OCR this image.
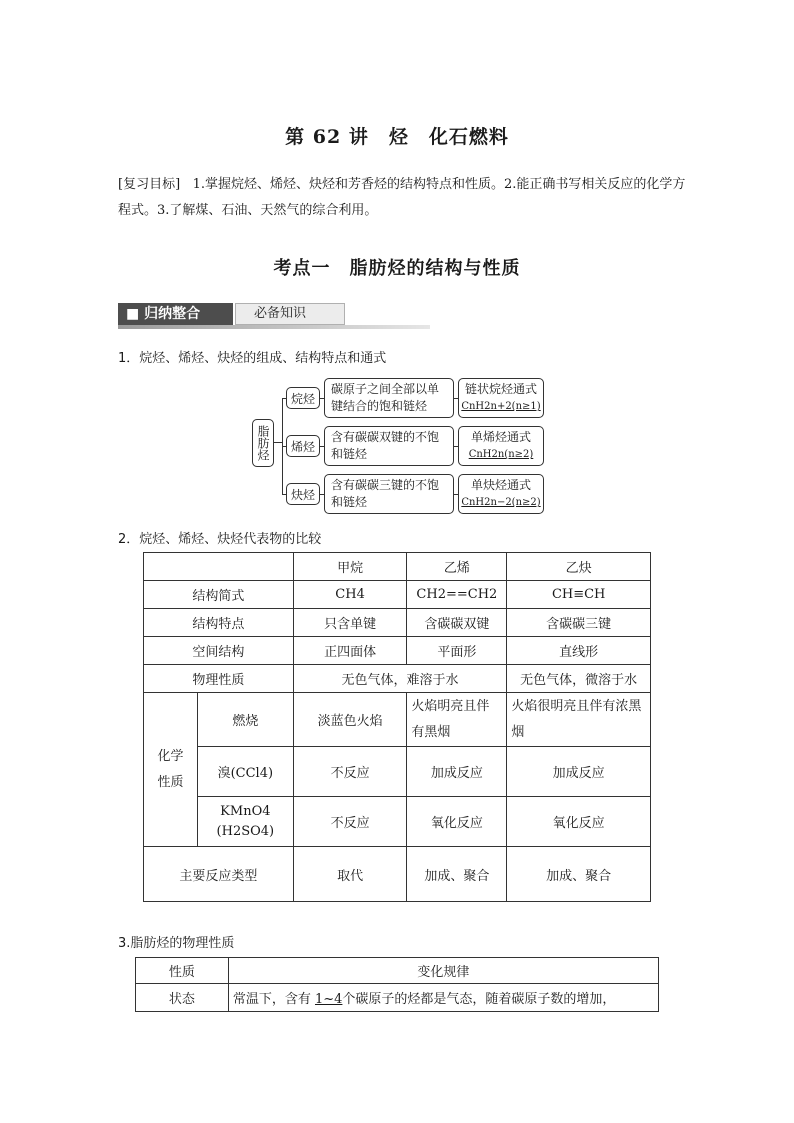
第 62 讲　烃　化石燃料
[复习目标] 1.掌握烷烃、烯烃、炔烃和芳香烃的结构特点和性质。2.能正确书写相关反应的化学方程式。3.了解煤、石油、天然气的综合利用。
考点一　脂肪烃的结构与性质
■ 归纳整合	必备知识
1．烷烃、烯烃、炔烃的组成、结构特点和通式
脂肪烃
烷烃
碳原子之间全部以单键结合的饱和链烃
链状烷烃通式
CnH2n+2(n≥1)
烯烃
含有碳碳双键的不饱和链烃
单烯烃通式
CnH2n(n≥2)
炔烃
含有碳碳三键的不饱和链烃
单炔烃通式
CnH2n−2(n≥2)
2．烷烃、烯烃、炔烃代表物的比较
		甲烷	乙烯	乙炔
结构简式		CH4	CH2==CH2	CH≡CH
结构特点		只含单键	含碳碳双键	含碳碳三键
空间结构		正四面体	平面形	直线形
物理性质		无色气体，难溶于水		无色气体，微溶于水
化学性质	燃烧	淡蓝色火焰	火焰明亮且伴有黑烟	火焰很明亮且伴有浓黑烟
	溴(CCl4)	不反应	加成反应	加成反应
	KMnO4 (H2SO4)	不反应	氧化反应	氧化反应
主要反应类型		取代	加成、聚合	加成、聚合
3.脂肪烃的物理性质
性质	变化规律
状态	常温下，含有 1~4个碳原子的烃都是气态，随着碳原子数的增加，
